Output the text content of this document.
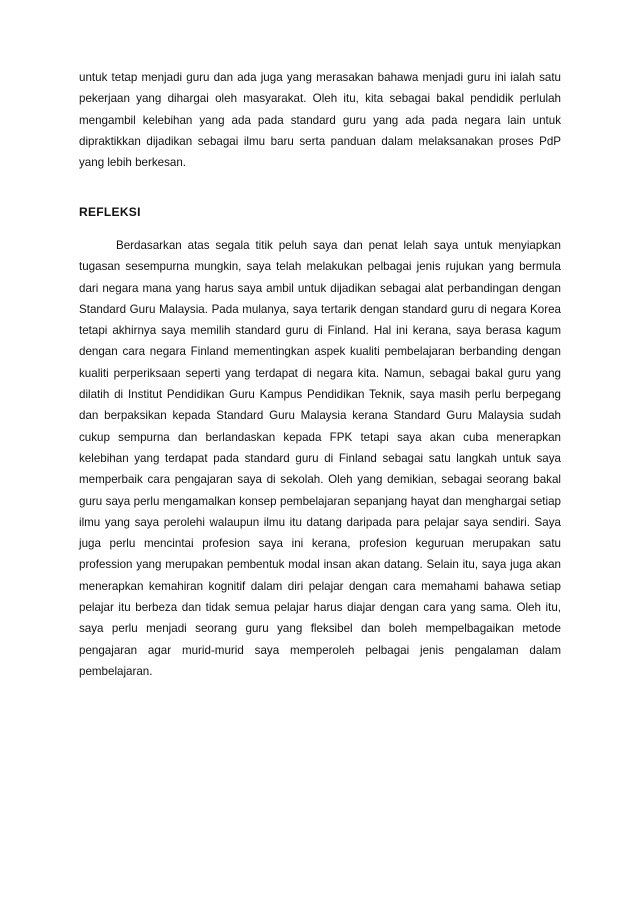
untuk tetap menjadi guru dan ada juga yang merasakan bahawa menjadi guru ini ialah satu pekerjaan yang dihargai oleh masyarakat. Oleh itu, kita sebagai bakal pendidik perlulah mengambil kelebihan yang ada pada standard guru yang ada pada negara lain untuk dipraktikkan dijadikan sebagai ilmu baru serta panduan dalam melaksanakan proses PdP yang lebih berkesan.

REFLEKSI

Berdasarkan atas segala titik peluh saya dan penat lelah saya untuk menyiapkan tugasan sesempurna mungkin, saya telah melakukan pelbagai jenis rujukan yang bermula dari negara mana yang harus saya ambil untuk dijadikan sebagai alat perbandingan dengan Standard Guru Malaysia. Pada mulanya, saya tertarik dengan standard guru di negara Korea tetapi akhirnya saya memilih standard guru di Finland. Hal ini kerana, saya berasa kagum dengan cara negara Finland mementingkan aspek kualiti pembelajaran berbanding dengan kualiti perperiksaan seperti yang terdapat di negara kita. Namun, sebagai bakal guru yang dilatih di Institut Pendidikan Guru Kampus Pendidikan Teknik, saya masih perlu berpegang dan berpaksikan kepada Standard Guru Malaysia kerana Standard Guru Malaysia sudah cukup sempurna dan berlandaskan kepada FPK tetapi saya akan cuba menerapkan kelebihan yang terdapat pada standard guru di Finland sebagai satu langkah untuk saya memperbaik cara pengajaran saya di sekolah. Oleh yang demikian, sebagai seorang bakal guru saya perlu mengamalkan konsep pembelajaran sepanjang hayat dan menghargai setiap ilmu yang saya perolehi walaupun ilmu itu datang daripada para pelajar saya sendiri. Saya juga perlu mencintai profesion saya ini kerana, profesion keguruan merupakan satu profession yang merupakan pembentuk modal insan akan datang. Selain itu, saya juga akan menerapkan kemahiran kognitif dalam diri pelajar dengan cara memahami bahawa setiap pelajar itu berbeza dan tidak semua pelajar harus diajar dengan cara yang sama. Oleh itu, saya perlu menjadi seorang guru yang fleksibel dan boleh mempelbagaikan metode pengajaran agar murid-murid saya memperoleh pelbagai jenis pengalaman dalam pembelajaran.
